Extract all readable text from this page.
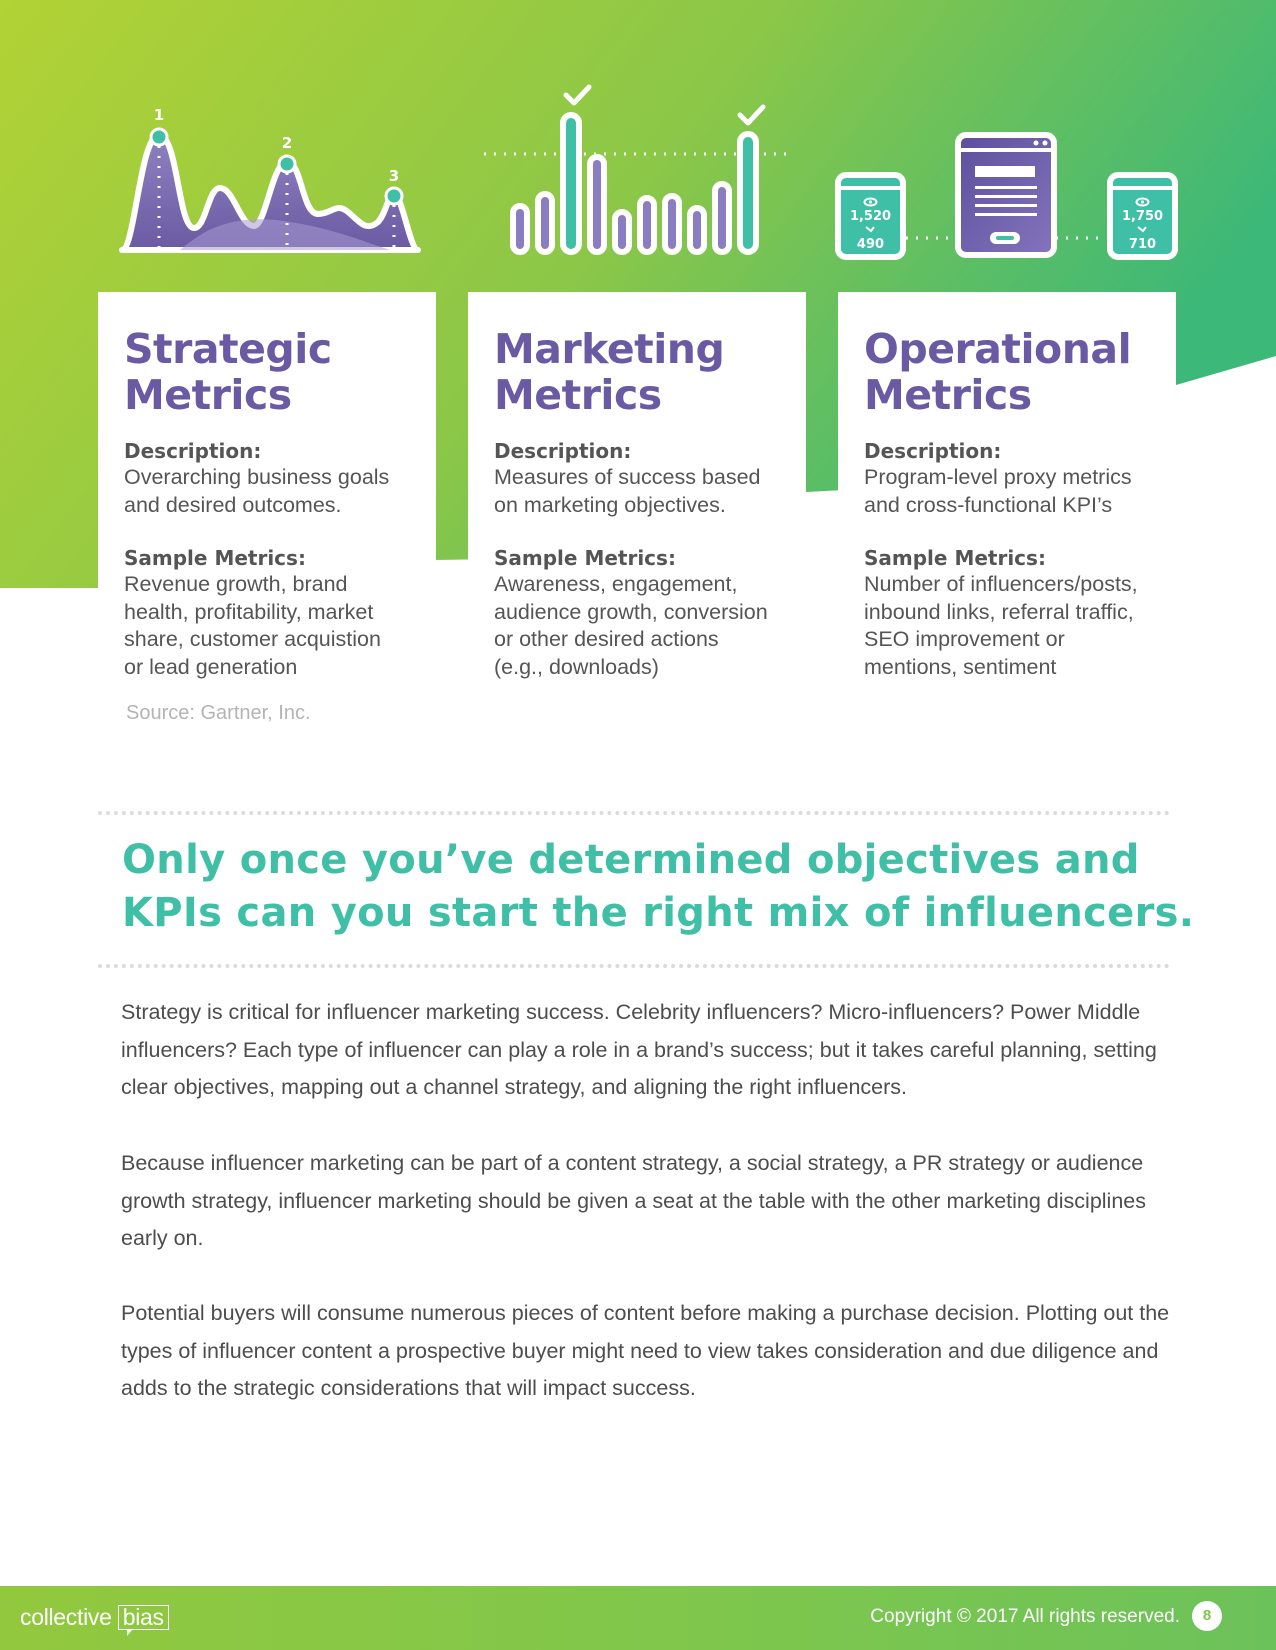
1
2
3
1,520
490
1,750
710
Strategic
Metrics
Description:
Overarching business goals
and desired outcomes.
Sample Metrics:
Revenue growth, brand
health, profitability, market
share, customer acquistion
or lead generation
Marketing
Metrics
Description:
Measures of success based
on marketing objectives.
Sample Metrics:
Awareness, engagement,
audience growth, conversion
or other desired actions
(e.g., downloads)
Operational
Metrics
Description:
Program-level proxy metrics
and cross-functional KPI’s
Sample Metrics:
Number of influencers/posts,
inbound links, referral traffic,
SEO improvement or
mentions, sentiment
Source: Gartner, Inc.
Only once you’ve determined objectives and
KPIs can you start the right mix of influencers.

Strategy is critical for influencer marketing success. Celebrity influencers? Micro-influencers? Power Middle influencers? Each type of influencer can play a role in a brand’s success; but it takes careful planning, setting clear objectives, mapping out a channel strategy, and aligning the right influencers.

Because influencer marketing can be part of a content strategy, a social strategy, a PR strategy or audience growth strategy, influencer marketing should be given a seat at the table with the other marketing disciplines early on.

Potential buyers will consume numerous pieces of content before making a purchase decision. Plotting out the types of influencer content a prospective buyer might need to view takes consideration and due diligence and adds to the strategic considerations that will impact success.

collective bias	Copyright © 2017 All rights reserved.	8
